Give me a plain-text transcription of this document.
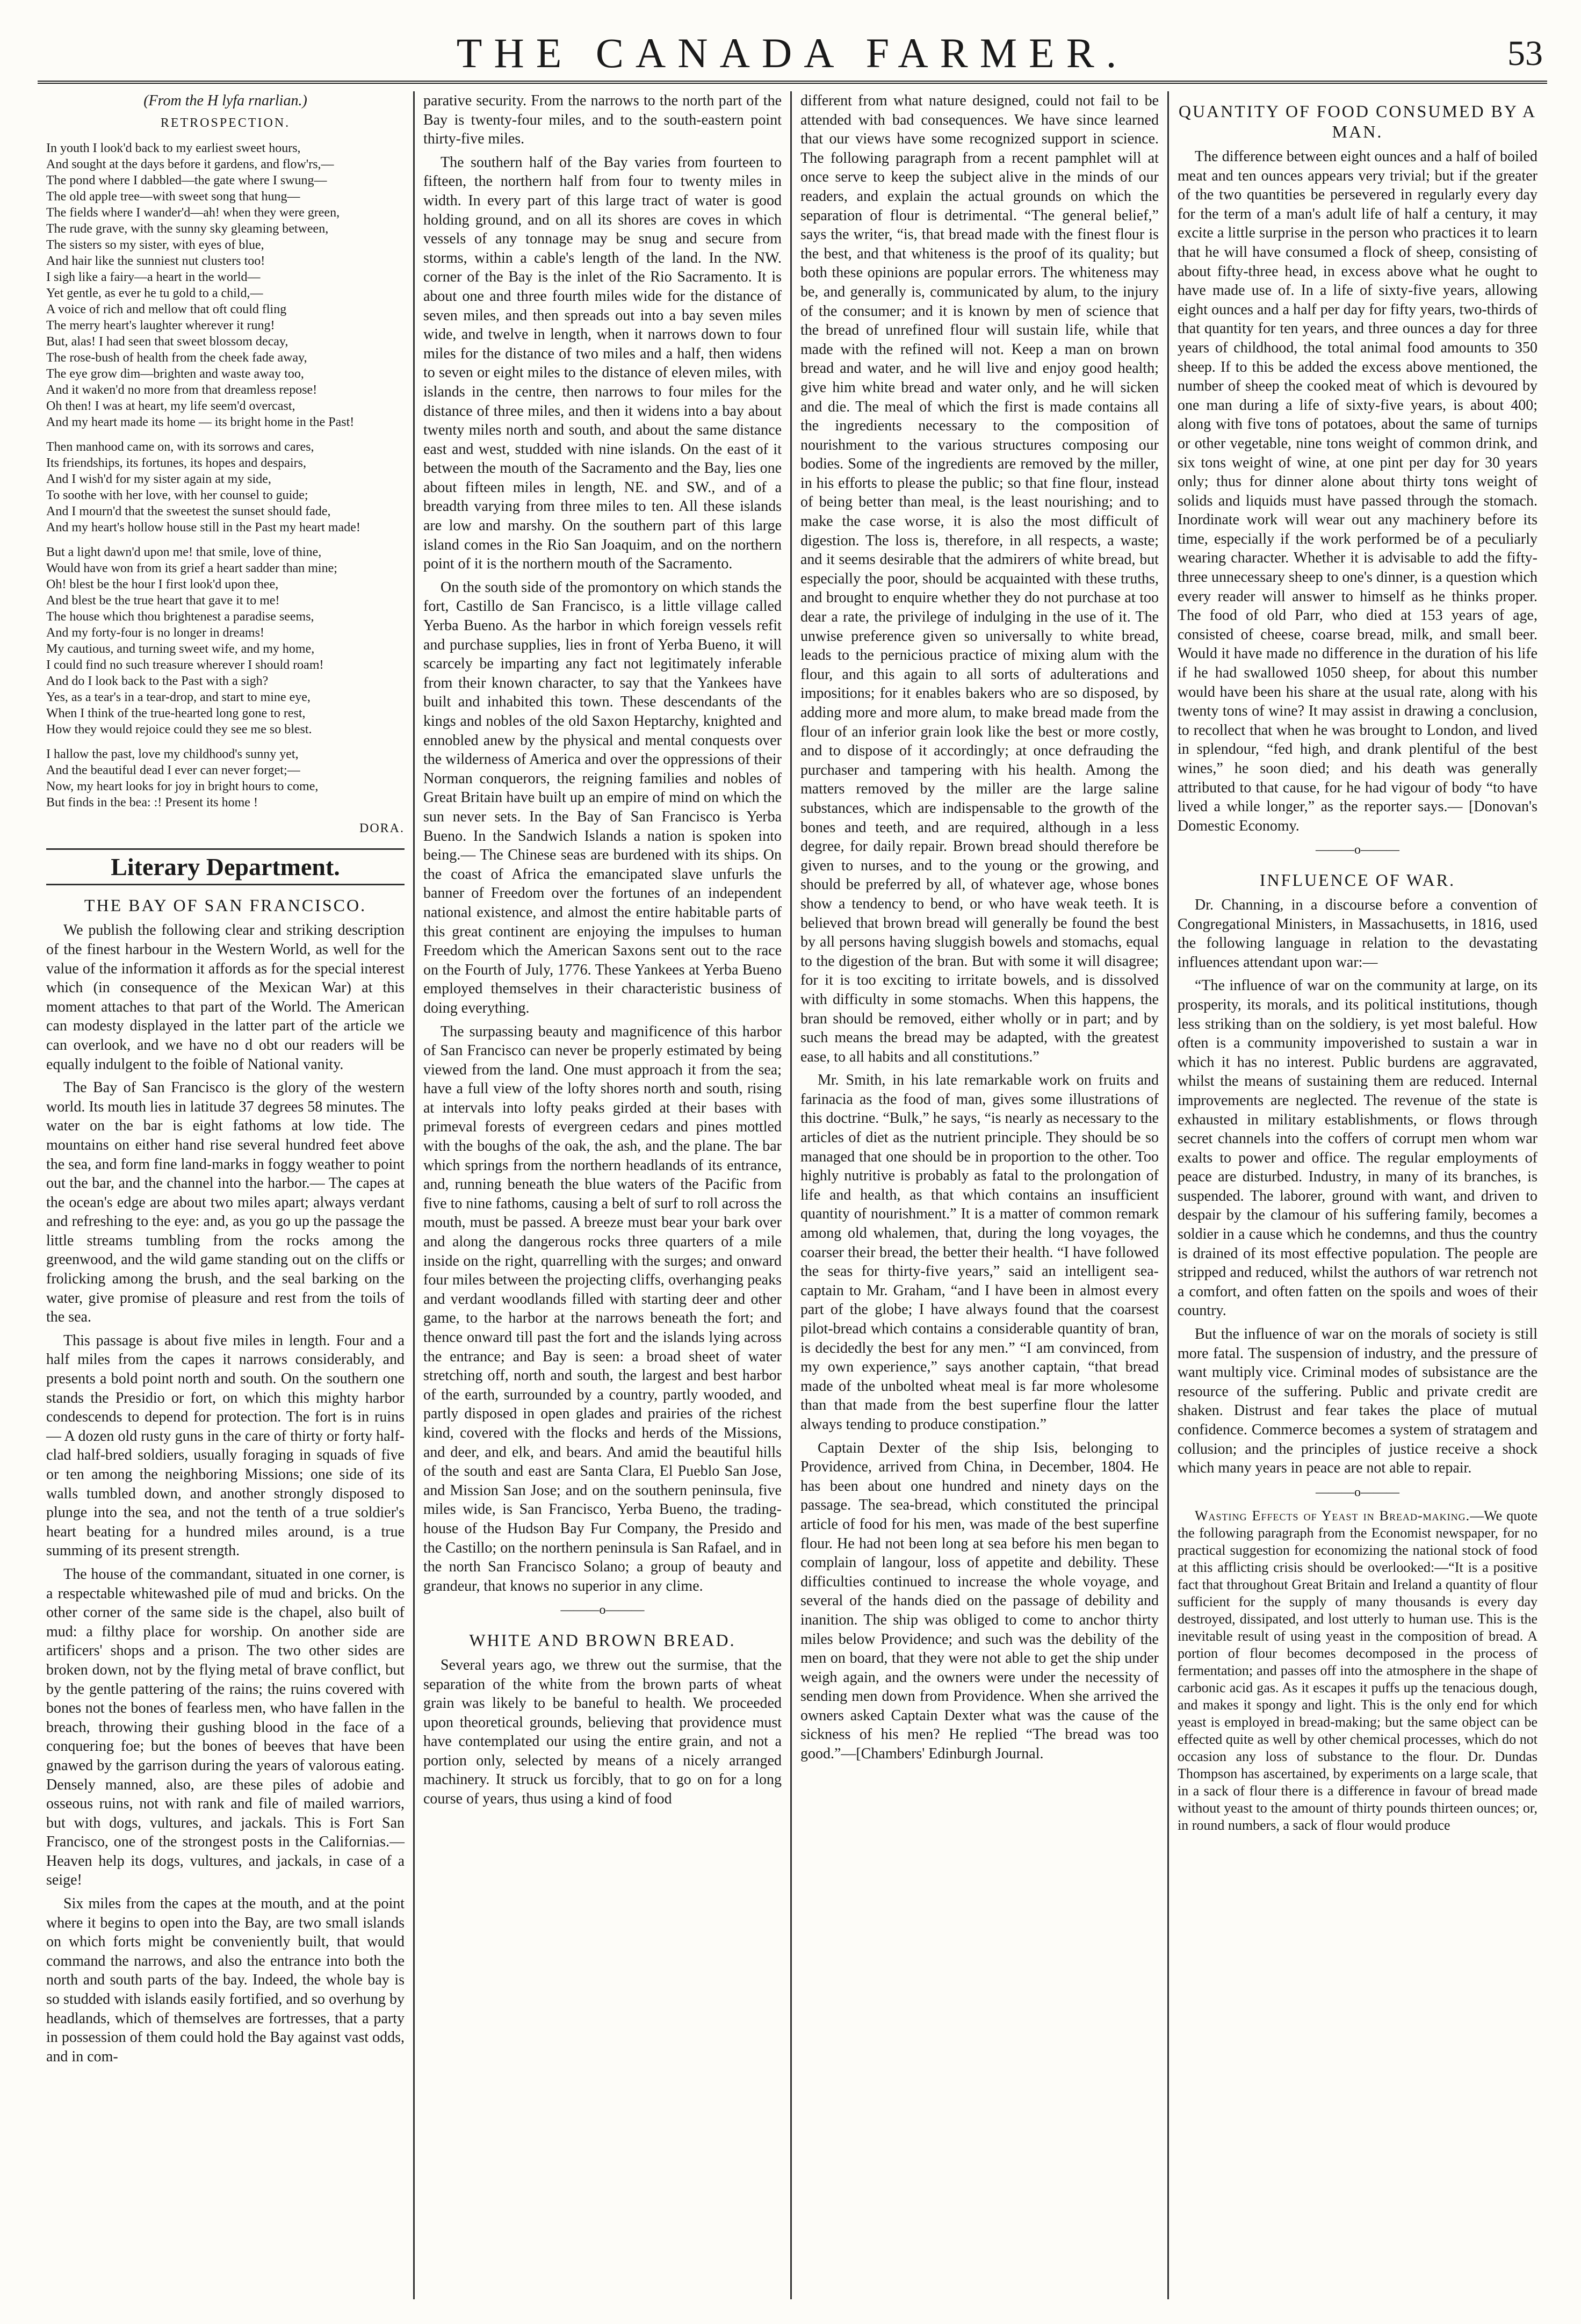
THE CANADA FARMER.	53
(From the H lyfa rnarlian.)
RETROSPECTION.
In youth I look'd back to my earliest sweet hours,
And sought at the days before it gardens, and flow'rs,—
The pond where I dabbled—the gate where I swung—
The old apple tree—with sweet song that hung—
The fields where I wander'd—ah! when they were green,
The rude grave, with the sunny sky gleaming between,
The sisters so my sister, with eyes of blue,
And hair like the sunniest nut clusters too!
I sigh like a fairy—a heart in the world—
Yet gentle, as ever he tu gold to a child,—
A voice of rich and mellow that oft could fling
The merry heart's laughter wherever it rung!
But, alas! I had seen that sweet blossom decay,
The rose-bush of health from the cheek fade away,
The eye grow dim—brighten and waste away too,
And it waken'd no more from that dreamless repose!
Oh then! I was at heart, my life seem'd overcast,
And my heart made its home — its bright home in the Past!
Then manhood came on, with its sorrows and cares,
Its friendships, its fortunes, its hopes and despairs,
And I wish'd for my sister again at my side,
To soothe with her love, with her counsel to guide;
And I mourn'd that the sweetest the sunset should fade,
And my heart's hollow house still in the Past my heart made!
But a light dawn'd upon me! that smile, love of thine,
Would have won from its grief a heart sadder than mine;
Oh! blest be the hour I first look'd upon thee,
And blest be the true heart that gave it to me!
The house which thou brightenest a paradise seems,
And my forty-four is no longer in dreams!
My cautious, and turning sweet wife, and my home,
I could find no such treasure wherever I should roam!
And do I look back to the Past with a sigh?
Yes, as a tear's in a tear-drop, and start to mine eye,
When I think of the true-hearted long gone to rest,
How they would rejoice could they see me so blest.
I hallow the past, love my childhood's sunny yet,
And the beautiful dead I ever can never forget;—
Now, my heart looks for joy in bright hours to come,
But finds in the bea: :! Present its home !
DORA.
Literary Department.
THE BAY OF SAN FRANCISCO.

We publish the following clear and striking description of the finest harbour in the Western World, as well for the value of the information it affords as for the special interest which (in consequence of the Mexican War) at this moment attaches to that part of the World. The American can modesty displayed in the latter part of the article we can overlook, and we have no d obt our readers will be equally indulgent to the foible of National vanity.

The Bay of San Francisco is the glory of the western world. Its mouth lies in latitude 37 degrees 58 minutes. The water on the bar is eight fathoms at low tide. The mountains on either hand rise several hundred feet above the sea, and form fine land-marks in foggy weather to point out the bar, and the channel into the harbor.— The capes at the ocean's edge are about two miles apart; always verdant and refreshing to the eye: and, as you go up the passage the little streams tumbling from the rocks among the greenwood, and the wild game standing out on the cliffs or frolicking among the brush, and the seal barking on the water, give promise of pleasure and rest from the toils of the sea.

This passage is about five miles in length. Four and a half miles from the capes it narrows considerably, and presents a bold point north and south. On the southern one stands the Presidio or fort, on which this mighty harbor condescends to depend for protection. The fort is in ruins — A dozen old rusty guns in the care of thirty or forty half-clad half-bred soldiers, usually foraging in squads of five or ten among the neighboring Missions; one side of its walls tumbled down, and another strongly disposed to plunge into the sea, and not the tenth of a true soldier's heart beating for a hundred miles around, is a true summing of its present strength.

The house of the commandant, situated in one corner, is a respectable whitewashed pile of mud and bricks. On the other corner of the same side is the chapel, also built of mud: a filthy place for worship. On another side are artificers' shops and a prison. The two other sides are broken down, not by the flying metal of brave conflict, but by the gentle pattering of the rains; the ruins covered with bones not the bones of fearless men, who have fallen in the breach, throwing their gushing blood in the face of a conquering foe; but the bones of beeves that have been gnawed by the garrison during the years of valorous eating. Densely manned, also, are these piles of adobie and osseous ruins, not with rank and file of mailed warriors, but with dogs, vultures, and jackals. This is Fort San Francisco, one of the strongest posts in the Californias.— Heaven help its dogs, vultures, and jackals, in case of a seige!

Six miles from the capes at the mouth, and at the point where it begins to open into the Bay, are two small islands on which forts might be conveniently built, that would command the narrows, and also the entrance into both the north and south parts of the bay. Indeed, the whole bay is so studded with islands easily fortified, and so overhung by headlands, which of themselves are fortresses, that a party in possession of them could hold the Bay against vast odds, and in com-

parative security. From the narrows to the north part of the Bay is twenty-four miles, and to the south-eastern point thirty-five miles.

The southern half of the Bay varies from fourteen to fifteen, the northern half from four to twenty miles in width. In every part of this large tract of water is good holding ground, and on all its shores are coves in which vessels of any tonnage may be snug and secure from storms, within a cable's length of the land. In the NW. corner of the Bay is the inlet of the Rio Sacramento. It is about one and three fourth miles wide for the distance of seven miles, and then spreads out into a bay seven miles wide, and twelve in length, when it narrows down to four miles for the distance of two miles and a half, then widens to seven or eight miles to the distance of eleven miles, with islands in the centre, then narrows to four miles for the distance of three miles, and then it widens into a bay about twenty miles north and south, and about the same distance east and west, studded with nine islands. On the east of it between the mouth of the Sacramento and the Bay, lies one about fifteen miles in length, NE. and SW., and of a breadth varying from three miles to ten. All these islands are low and marshy. On the southern part of this large island comes in the Rio San Joaquim, and on the northern point of it is the northern mouth of the Sacramento.

On the south side of the promontory on which stands the fort, Castillo de San Francisco, is a little village called Yerba Bueno. As the harbor in which foreign vessels refit and purchase supplies, lies in front of Yerba Bueno, it will scarcely be imparting any fact not legitimately inferable from their known character, to say that the Yankees have built and inhabited this town. These descendants of the kings and nobles of the old Saxon Heptarchy, knighted and ennobled anew by the physical and mental conquests over the wilderness of America and over the oppressions of their Norman conquerors, the reigning families and nobles of Great Britain have built up an empire of mind on which the sun never sets. In the Bay of San Francisco is Yerba Bueno. In the Sandwich Islands a nation is spoken into being.— The Chinese seas are burdened with its ships. On the coast of Africa the emancipated slave unfurls the banner of Freedom over the fortunes of an independent national existence, and almost the entire habitable parts of this great continent are enjoying the impulses to human Freedom which the American Saxons sent out to the race on the Fourth of July, 1776. These Yankees at Yerba Bueno employed themselves in their characteristic business of doing everything.

The surpassing beauty and magnificence of this harbor of San Francisco can never be properly estimated by being viewed from the land. One must approach it from the sea; have a full view of the lofty shores north and south, rising at intervals into lofty peaks girded at their bases with primeval forests of evergreen cedars and pines mottled with the boughs of the oak, the ash, and the plane. The bar which springs from the northern headlands of its entrance, and, running beneath the blue waters of the Pacific from five to nine fathoms, causing a belt of surf to roll across the mouth, must be passed. A breeze must bear your bark over and along the dangerous rocks three quarters of a mile inside on the right, quarrelling with the surges; and onward four miles between the projecting cliffs, overhanging peaks and verdant woodlands filled with starting deer and other game, to the harbor at the narrows beneath the fort; and thence onward till past the fort and the islands lying across the entrance; and Bay is seen: a broad sheet of water stretching off, north and south, the largest and best harbor of the earth, surrounded by a country, partly wooded, and partly disposed in open glades and prairies of the richest kind, covered with the flocks and herds of the Missions, and deer, and elk, and bears. And amid the beautiful hills of the south and east are Santa Clara, El Pueblo San Jose, and Mission San Jose; and on the southern peninsula, five miles wide, is San Francisco, Yerba Bueno, the trading-house of the Hudson Bay Fur Company, the Presido and the Castillo; on the northern peninsula is San Rafael, and in the north San Francisco Solano; a group of beauty and grandeur, that knows no superior in any clime.

———o———
WHITE AND BROWN BREAD.

Several years ago, we threw out the surmise, that the separation of the white from the brown parts of wheat grain was likely to be baneful to health. We proceeded upon theoretical grounds, believing that providence must have contemplated our using the entire grain, and not a portion only, selected by means of a nicely arranged machinery. It struck us forcibly, that to go on for a long course of years, thus using a kind of food

different from what nature designed, could not fail to be attended with bad consequences. We have since learned that our views have some recognized support in science. The following paragraph from a recent pamphlet will at once serve to keep the subject alive in the minds of our readers, and explain the actual grounds on which the separation of flour is detrimental. “The general belief,” says the writer, “is, that bread made with the finest flour is the best, and that whiteness is the proof of its quality; but both these opinions are popular errors. The whiteness may be, and generally is, communicated by alum, to the injury of the consumer; and it is known by men of science that the bread of unrefined flour will sustain life, while that made with the refined will not. Keep a man on brown bread and water, and he will live and enjoy good health; give him white bread and water only, and he will sicken and die. The meal of which the first is made contains all the ingredients necessary to the composition of nourishment to the various structures composing our bodies. Some of the ingredients are removed by the miller, in his efforts to please the public; so that fine flour, instead of being better than meal, is the least nourishing; and to make the case worse, it is also the most difficult of digestion. The loss is, therefore, in all respects, a waste; and it seems desirable that the admirers of white bread, but especially the poor, should be acquainted with these truths, and brought to enquire whether they do not purchase at too dear a rate, the privilege of indulging in the use of it. The unwise preference given so universally to white bread, leads to the pernicious practice of mixing alum with the flour, and this again to all sorts of adulterations and impositions; for it enables bakers who are so disposed, by adding more and more alum, to make bread made from the flour of an inferior grain look like the best or more costly, and to dispose of it accordingly; at once defrauding the purchaser and tampering with his health. Among the matters removed by the miller are the large saline substances, which are indispensable to the growth of the bones and teeth, and are required, although in a less degree, for daily repair. Brown bread should therefore be given to nurses, and to the young or the growing, and should be preferred by all, of whatever age, whose bones show a tendency to bend, or who have weak teeth. It is believed that brown bread will generally be found the best by all persons having sluggish bowels and stomachs, equal to the digestion of the bran. But with some it will disagree; for it is too exciting to irritate bowels, and is dissolved with difficulty in some stomachs. When this happens, the bran should be removed, either wholly or in part; and by such means the bread may be adapted, with the greatest ease, to all habits and all constitutions.”

Mr. Smith, in his late remarkable work on fruits and farinacia as the food of man, gives some illustrations of this doctrine. “Bulk,” he says, “is nearly as necessary to the articles of diet as the nutrient principle. They should be so managed that one should be in proportion to the other. Too highly nutritive is probably as fatal to the prolongation of life and health, as that which contains an insufficient quantity of nourishment.” It is a matter of common remark among old whalemen, that, during the long voyages, the coarser their bread, the better their health. “I have followed the seas for thirty-five years,” said an intelligent sea-captain to Mr. Graham, “and I have been in almost every part of the globe; I have always found that the coarsest pilot-bread which contains a considerable quantity of bran, is decidedly the best for any men.” “I am convinced, from my own experience,” says another captain, “that bread made of the unbolted wheat meal is far more wholesome than that made from the best superfine flour the latter always tending to produce constipation.”

Captain Dexter of the ship Isis, belonging to Providence, arrived from China, in December, 1804. He has been about one hundred and ninety days on the passage. The sea-bread, which constituted the principal article of food for his men, was made of the best superfine flour. He had not been long at sea before his men began to complain of langour, loss of appetite and debility. These difficulties continued to increase the whole voyage, and several of the hands died on the passage of debility and inanition. The ship was obliged to come to anchor thirty miles below Providence; and such was the debility of the men on board, that they were not able to get the ship under weigh again, and the owners were under the necessity of sending men down from Providence. When she arrived the owners asked Captain Dexter what was the cause of the sickness of his men? He replied “The bread was too good.”—[Chambers' Edinburgh Journal.

QUANTITY OF FOOD CONSUMED BY A MAN.

The difference between eight ounces and a half of boiled meat and ten ounces appears very trivial; but if the greater of the two quantities be persevered in regularly every day for the term of a man's adult life of half a century, it may excite a little surprise in the person who practices it to learn that he will have consumed a flock of sheep, consisting of about fifty-three head, in excess above what he ought to have made use of. In a life of sixty-five years, allowing eight ounces and a half per day for fifty years, two-thirds of that quantity for ten years, and three ounces a day for three years of childhood, the total animal food amounts to 350 sheep. If to this be added the excess above mentioned, the number of sheep the cooked meat of which is devoured by one man during a life of sixty-five years, is about 400; along with five tons of potatoes, about the same of turnips or other vegetable, nine tons weight of common drink, and six tons weight of wine, at one pint per day for 30 years only; thus for dinner alone about thirty tons weight of solids and liquids must have passed through the stomach. Inordinate work will wear out any machinery before its time, especially if the work performed be of a peculiarly wearing character. Whether it is advisable to add the fifty-three unnecessary sheep to one's dinner, is a question which every reader will answer to himself as he thinks proper. The food of old Parr, who died at 153 years of age, consisted of cheese, coarse bread, milk, and small beer. Would it have made no difference in the duration of his life if he had swallowed 1050 sheep, for about this number would have been his share at the usual rate, along with his twenty tons of wine? It may assist in drawing a conclusion, to recollect that when he was brought to London, and lived in splendour, “fed high, and drank plentiful of the best wines,” he soon died; and his death was generally attributed to that cause, for he had vigour of body “to have lived a while longer,” as the reporter says.— [Donovan's Domestic Economy.

———o———
INFLUENCE OF WAR.

Dr. Channing, in a discourse before a convention of Congregational Ministers, in Massachusetts, in 1816, used the following language in relation to the devastating influences attendant upon war:—

“The influence of war on the community at large, on its prosperity, its morals, and its political institutions, though less striking than on the soldiery, is yet most baleful. How often is a community impoverished to sustain a war in which it has no interest. Public burdens are aggravated, whilst the means of sustaining them are reduced. Internal improvements are neglected. The revenue of the state is exhausted in military establishments, or flows through secret channels into the coffers of corrupt men whom war exalts to power and office. The regular employments of peace are disturbed. Industry, in many of its branches, is suspended. The laborer, ground with want, and driven to despair by the clamour of his suffering family, becomes a soldier in a cause which he condemns, and thus the country is drained of its most effective population. The people are stripped and reduced, whilst the authors of war retrench not a comfort, and often fatten on the spoils and woes of their country.

But the influence of war on the morals of society is still more fatal. The suspension of industry, and the pressure of want multiply vice. Criminal modes of subsistance are the resource of the suffering. Public and private credit are shaken. Distrust and fear takes the place of mutual confidence. Commerce becomes a system of stratagem and collusion; and the principles of justice receive a shock which many years in peace are not able to repair.

———o———

Wasting Effects of Yeast in Bread-making.—We quote the following paragraph from the Economist newspaper, for no practical suggestion for economizing the national stock of food at this afflicting crisis should be overlooked:—“It is a positive fact that throughout Great Britain and Ireland a quantity of flour sufficient for the supply of many thousands is every day destroyed, dissipated, and lost utterly to human use. This is the inevitable result of using yeast in the composition of bread. A portion of flour becomes decomposed in the process of fermentation; and passes off into the atmosphere in the shape of carbonic acid gas. As it escapes it puffs up the tenacious dough, and makes it spongy and light. This is the only end for which yeast is employed in bread-making; but the same object can be effected quite as well by other chemical processes, which do not occasion any loss of substance to the flour. Dr. Dundas Thompson has ascertained, by experiments on a large scale, that in a sack of flour there is a difference in favour of bread made without yeast to the amount of thirty pounds thirteen ounces; or, in round numbers, a sack of flour would produce
